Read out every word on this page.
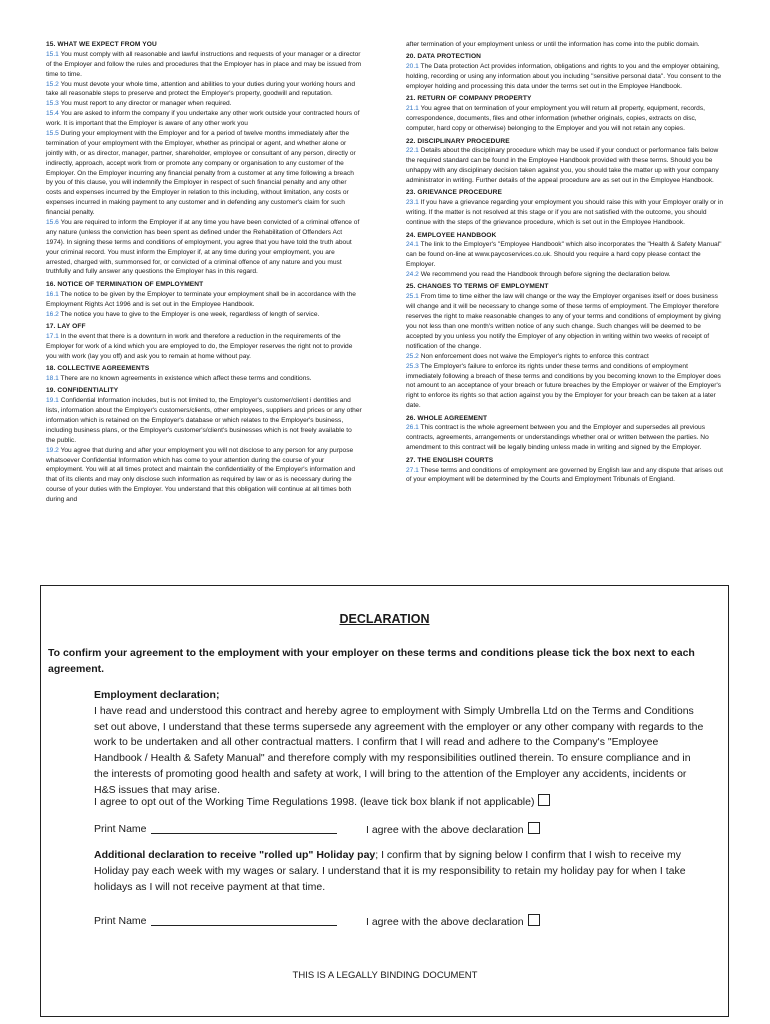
15. WHAT WE EXPECT FROM YOU

15.1 You must comply with all reasonable and lawful instructions and requests of your manager or a director of the Employer and follow the rules and procedures that the Employer has in place and may be issued from time to time.

15.2 You must devote your whole time, attention and abilities to your duties during your working hours and take all reasonable steps to preserve and protect the Employer's property, goodwill and reputation.

15.3 You must report to any director or manager when required.

15.4 You are asked to inform the company if you undertake any other work outside your contracted hours of work. It is important that the Employer is aware of any other work you

15.5 During your employment with the Employer and for a period of twelve months immediately after the termination of your employment with the Employer, whether as principal or agent, and whether alone or jointly with, or as director, manager, partner, shareholder, employee or consultant of any person, directly or indirectly, approach, accept work from or promote any company or organisation to any customer of the Employer. On the Employer incurring any financial penalty from a customer at any time following a breach by you of this clause, you will indemnify the Employer in respect of such financial penalty and any other costs and expenses incurred by the Employer in relation to this including, without limitation, any costs or expenses incurred in making payment to any customer and in defending any customer's claim for such financial penalty.

15.6 You are required to inform the Employer if at any time you have been convicted of a criminal offence of any nature (unless the conviction has been spent as defined under the Rehabilitation of Offenders Act 1974). In signing these terms and conditions of employment, you agree that you have told the truth about your criminal record. You must inform the Employer if, at any time during your employment, you are arrested, charged with, summonsed for, or convicted of a criminal offence of any nature and you must truthfully and fully answer any questions the Employer has in this regard.

16. NOTICE OF TERMINATION OF EMPLOYMENT

16.1 The notice to be given by the Employer to terminate your employment shall be in accordance with the Employment Rights Act 1996 and is set out in the Employee Handbook.

16.2 The notice you have to give to the Employer is one week, regardless of length of service.

17. LAY OFF

17.1 In the event that there is a downturn in work and therefore a reduction in the requirements of the Employer for work of a kind which you are employed to do, the Employer reserves the right not to provide you with work (lay you off) and ask you to remain at home without pay.

18. COLLECTIVE AGREEMENTS

18.1 There are no known agreements in existence which affect these terms and conditions.

19. CONFIDENTIALITY

19.1 Confidential Information includes, but is not limited to, the Employer's customer/client i dentities and lists, information about the Employer's customers/clients, other employees, suppliers and prices or any other information which is retained on the Employer's database or which relates to the Employer's business, including business plans, or the Employer's customer's/client's businesses which is not freely available to the public.

19.2 You agree that during and after your employment you will not disclose to any person for any purpose whatsoever Confidential Information which has come to your attention during the course of your employment. You will at all times protect and maintain the confidentiality of the Employer's information and that of its clients and may only disclose such information as required by law or as is necessary during the course of your duties with the Employer. You understand that this obligation will continue at all times both during and

after termination of your employment unless or until the information has come into the public domain.

20. DATA PROTECTION

20.1 The Data protection Act provides information, obligations and rights to you and the employer obtaining, holding, recording or using any information about you including "sensitive personal data". You consent to the employer holding and processing this data under the terms set out in the Employee Handbook.

21. RETURN OF COMPANY PROPERTY

21.1 You agree that on termination of your employment you will return all property, equipment, records, correspondence, documents, files and other information (whether originals, copies, extracts on disc, computer, hard copy or otherwise) belonging to the Employer and you will not retain any copies.

22. DISCIPLINARY PROCEDURE

22.1 Details about the disciplinary procedure which may be used if your conduct or performance falls below the required standard can be found in the Employee Handbook provided with these terms. Should you be unhappy with any disciplinary decision taken against you, you should take the matter up with your company administrator in writing. Further details of the appeal procedure are as set out in the Employee Handbook.

23. GRIEVANCE PROCEDURE

23.1 If you have a grievance regarding your employment you should raise this with your Employer orally or in writing. If the matter is not resolved at this stage or if you are not satisfied with the outcome, you should continue with the steps of the grievance procedure, which is set out in the Employee Handbook.

24. EMPLOYEE HANDBOOK

24.1 The link to the Employer's "Employee Handbook" which also incorporates the "Health & Safety Manual" can be found on-line at www.paycoservices.co.uk. Should you require a hard copy please contact the Employer.

24.2 We recommend you read the Handbook through before signing the declaration below.

25. CHANGES TO TERMS OF EMPLOYMENT

25.1 From time to time either the law will change or the way the Employer organises itself or does business will change and it will be necessary to change some of these terms of employment. The Employer therefore reserves the right to make reasonable changes to any of your terms and conditions of employment by giving you not less than one month's written notice of any such change. Such changes will be deemed to be accepted by you unless you notify the Employer of any objection in writing within two weeks of receipt of notification of the change.

25.2 Non enforcement does not waive the Employer's rights to enforce this contract

25.3 The Employer's failure to enforce its rights under these terms and conditions of employment immediately following a breach of these terms and conditions by you becoming known to the Employer does not amount to an acceptance of your breach or future breaches by the Employer or waiver of the Employer's right to enforce its rights so that action against you by the Employer for your breach can be taken at a later date.

26. WHOLE AGREEMENT

26.1 This contract is the whole agreement between you and the Employer and supersedes all previous contracts, agreements, arrangements or understandings whether oral or written between the parties. No amendment to this contract will be legally binding unless made in writing and signed by the Employer.

27. THE ENGLISH COURTS

27.1 These terms and conditions of employment are governed by English law and any dispute that arises out of your employment will be determined by the Courts and Employment Tribunals of England.

DECLARATION
To confirm your agreement to the employment with your employer on these terms and conditions please tick the box next to each agreement.
Employment declaration;
I have read and understood this contract and hereby agree to employment with Simply Umbrella Ltd on the Terms and Conditions set out above, I understand that these terms supersede any agreement with the employer or any other company with regards to the work to be undertaken and all other contractual matters. I confirm that I will read and adhere to the Company's "Employee Handbook / Health & Safety Manual" and therefore comply with my responsibilities outlined therein. To ensure compliance and in the interests of promoting good health and safety at work, I will bring to the attention of the Employer any accidents, incidents or H&S issues that may arise.
I agree to opt out of the Working Time Regulations 1998. (leave tick box blank if not applicable)
Print Name	I agree with the above declaration
Additional declaration to receive "rolled up" Holiday pay; I confirm that by signing below I confirm that I wish to receive my Holiday pay each week with my wages or salary. I understand that it is my responsibility to retain my holiday pay for when I take holidays as I will not receive payment at that time.
Print Name	I agree with the above declaration
THIS IS A LEGALLY BINDING DOCUMENT
